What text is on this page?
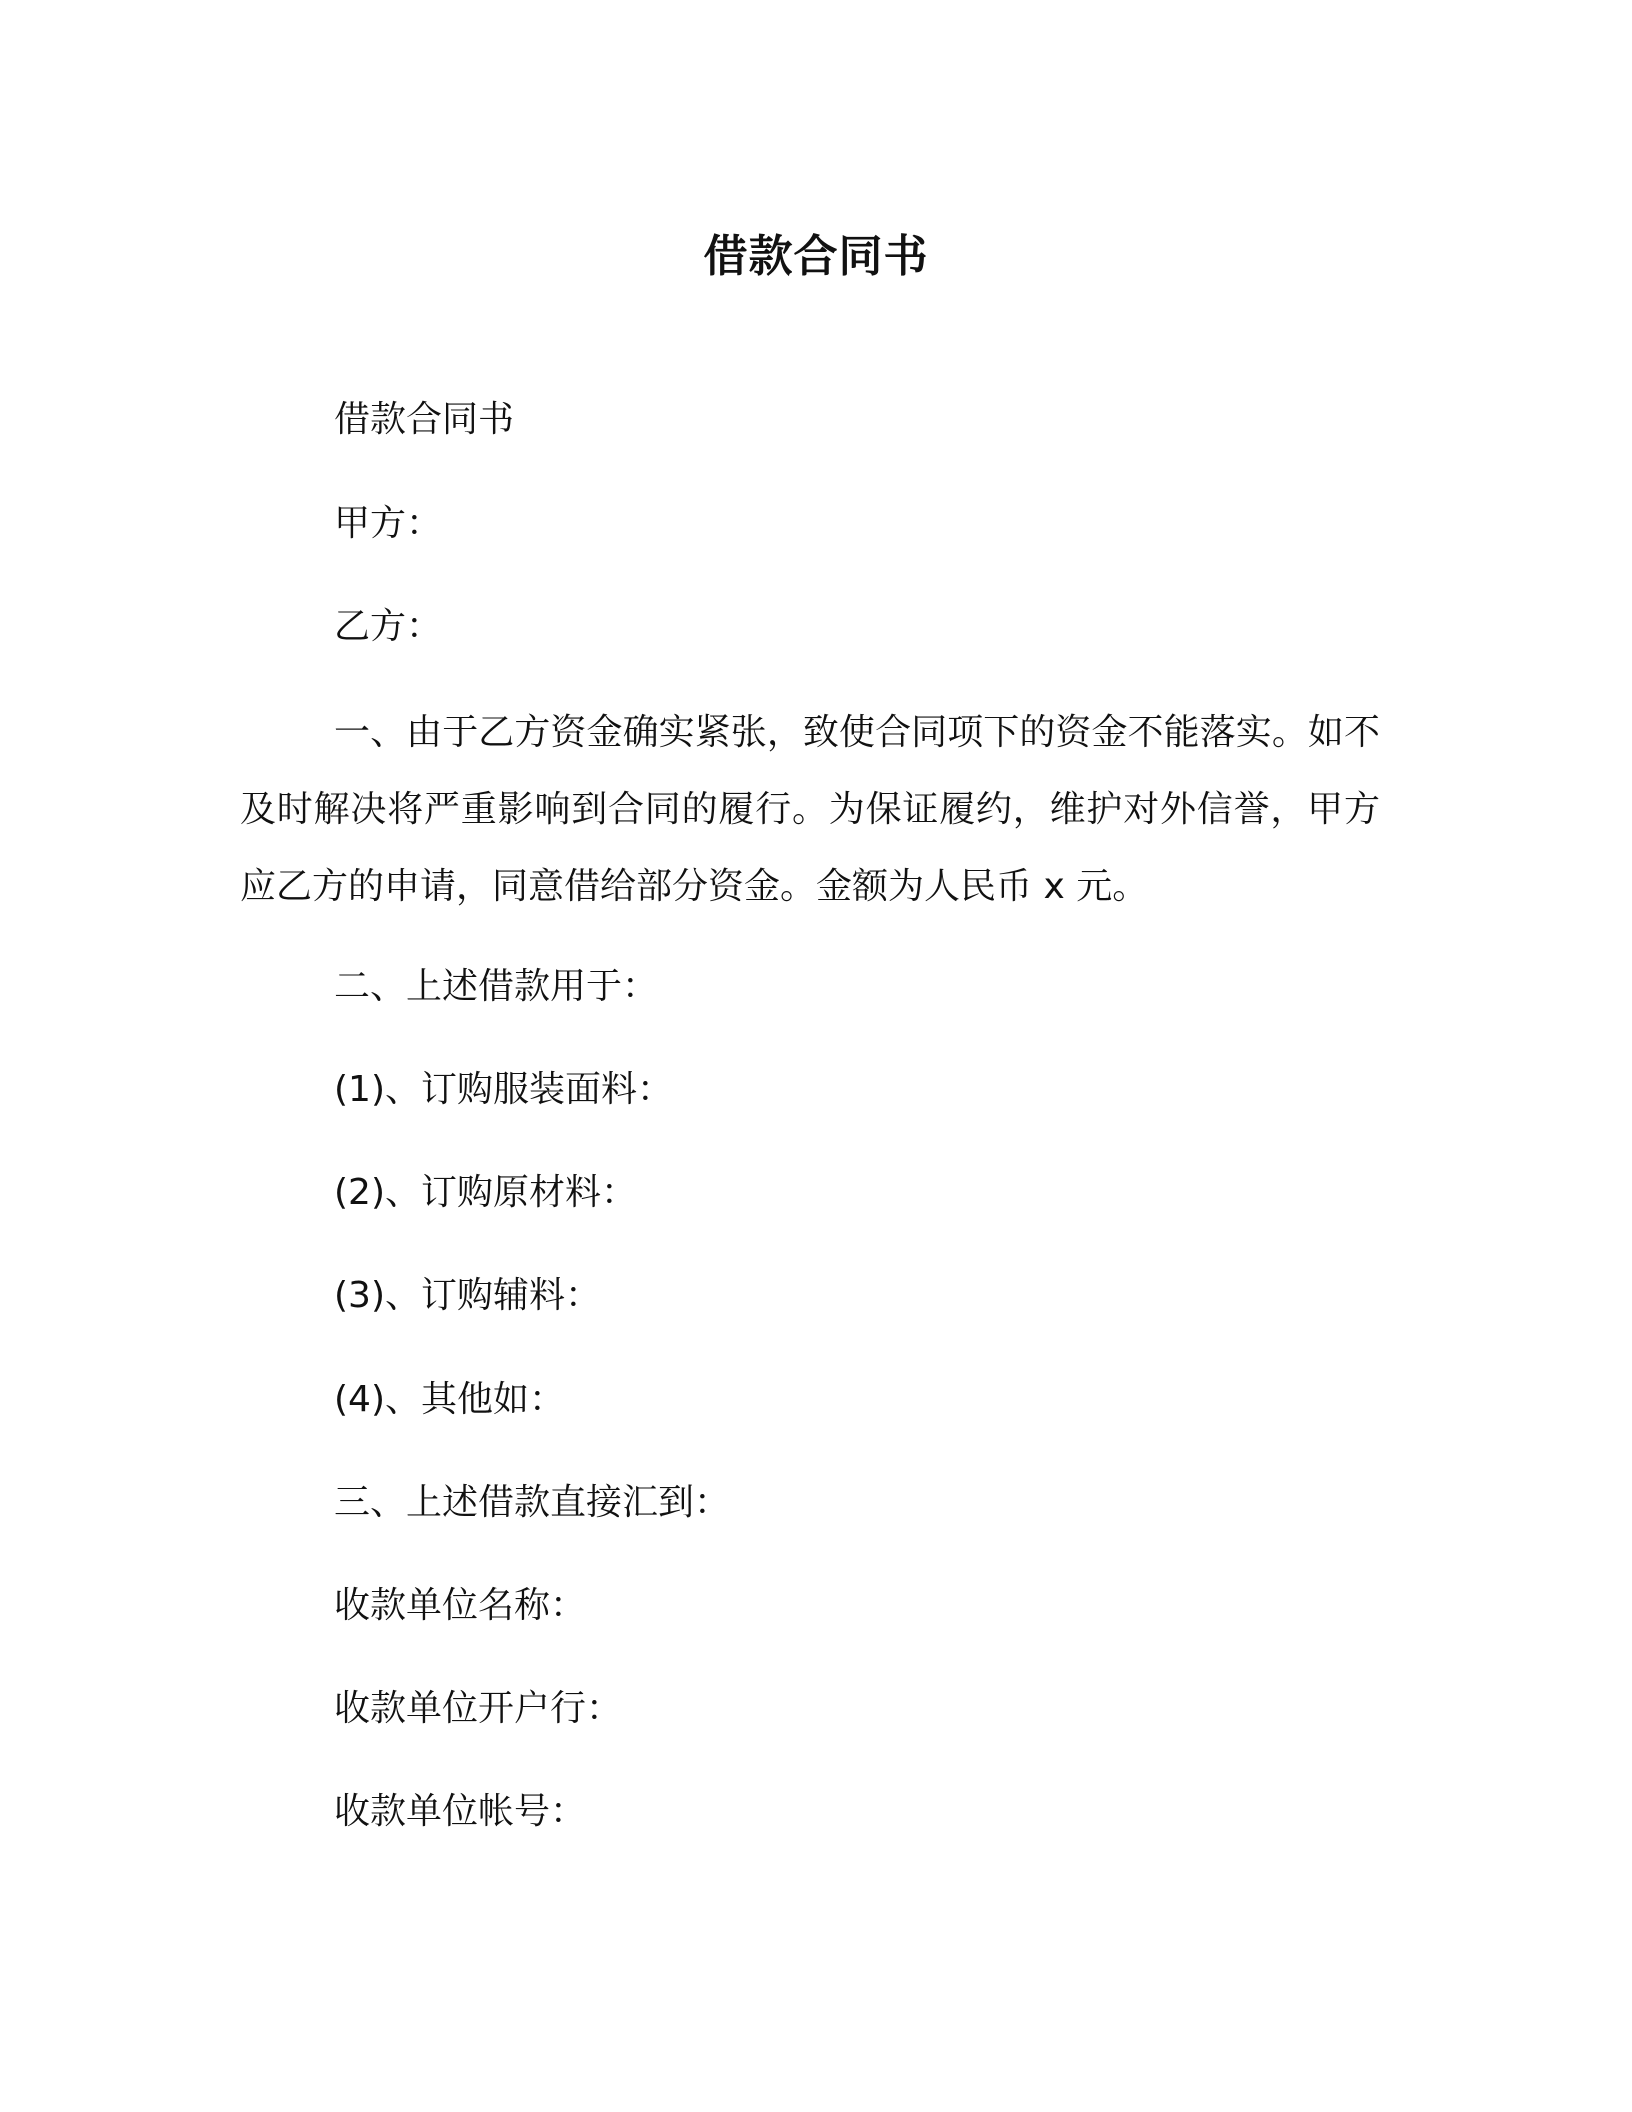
借款合同书
借款合同书
甲方：
乙方：
一、由于乙方资金确实紧张，致使合同项下的资金不能落实。如不及时解决将严重影响到合同的履行。为保证履约，维护对外信誉，甲方应乙方的申请，同意借给部分资金。金额为人民币 x 元。
二、上述借款用于：
(1)、订购服装面料：
(2)、订购原材料：
(3)、订购辅料：
(4)、其他如：
三、上述借款直接汇到：
收款单位名称：
收款单位开户行：
收款单位帐号：
